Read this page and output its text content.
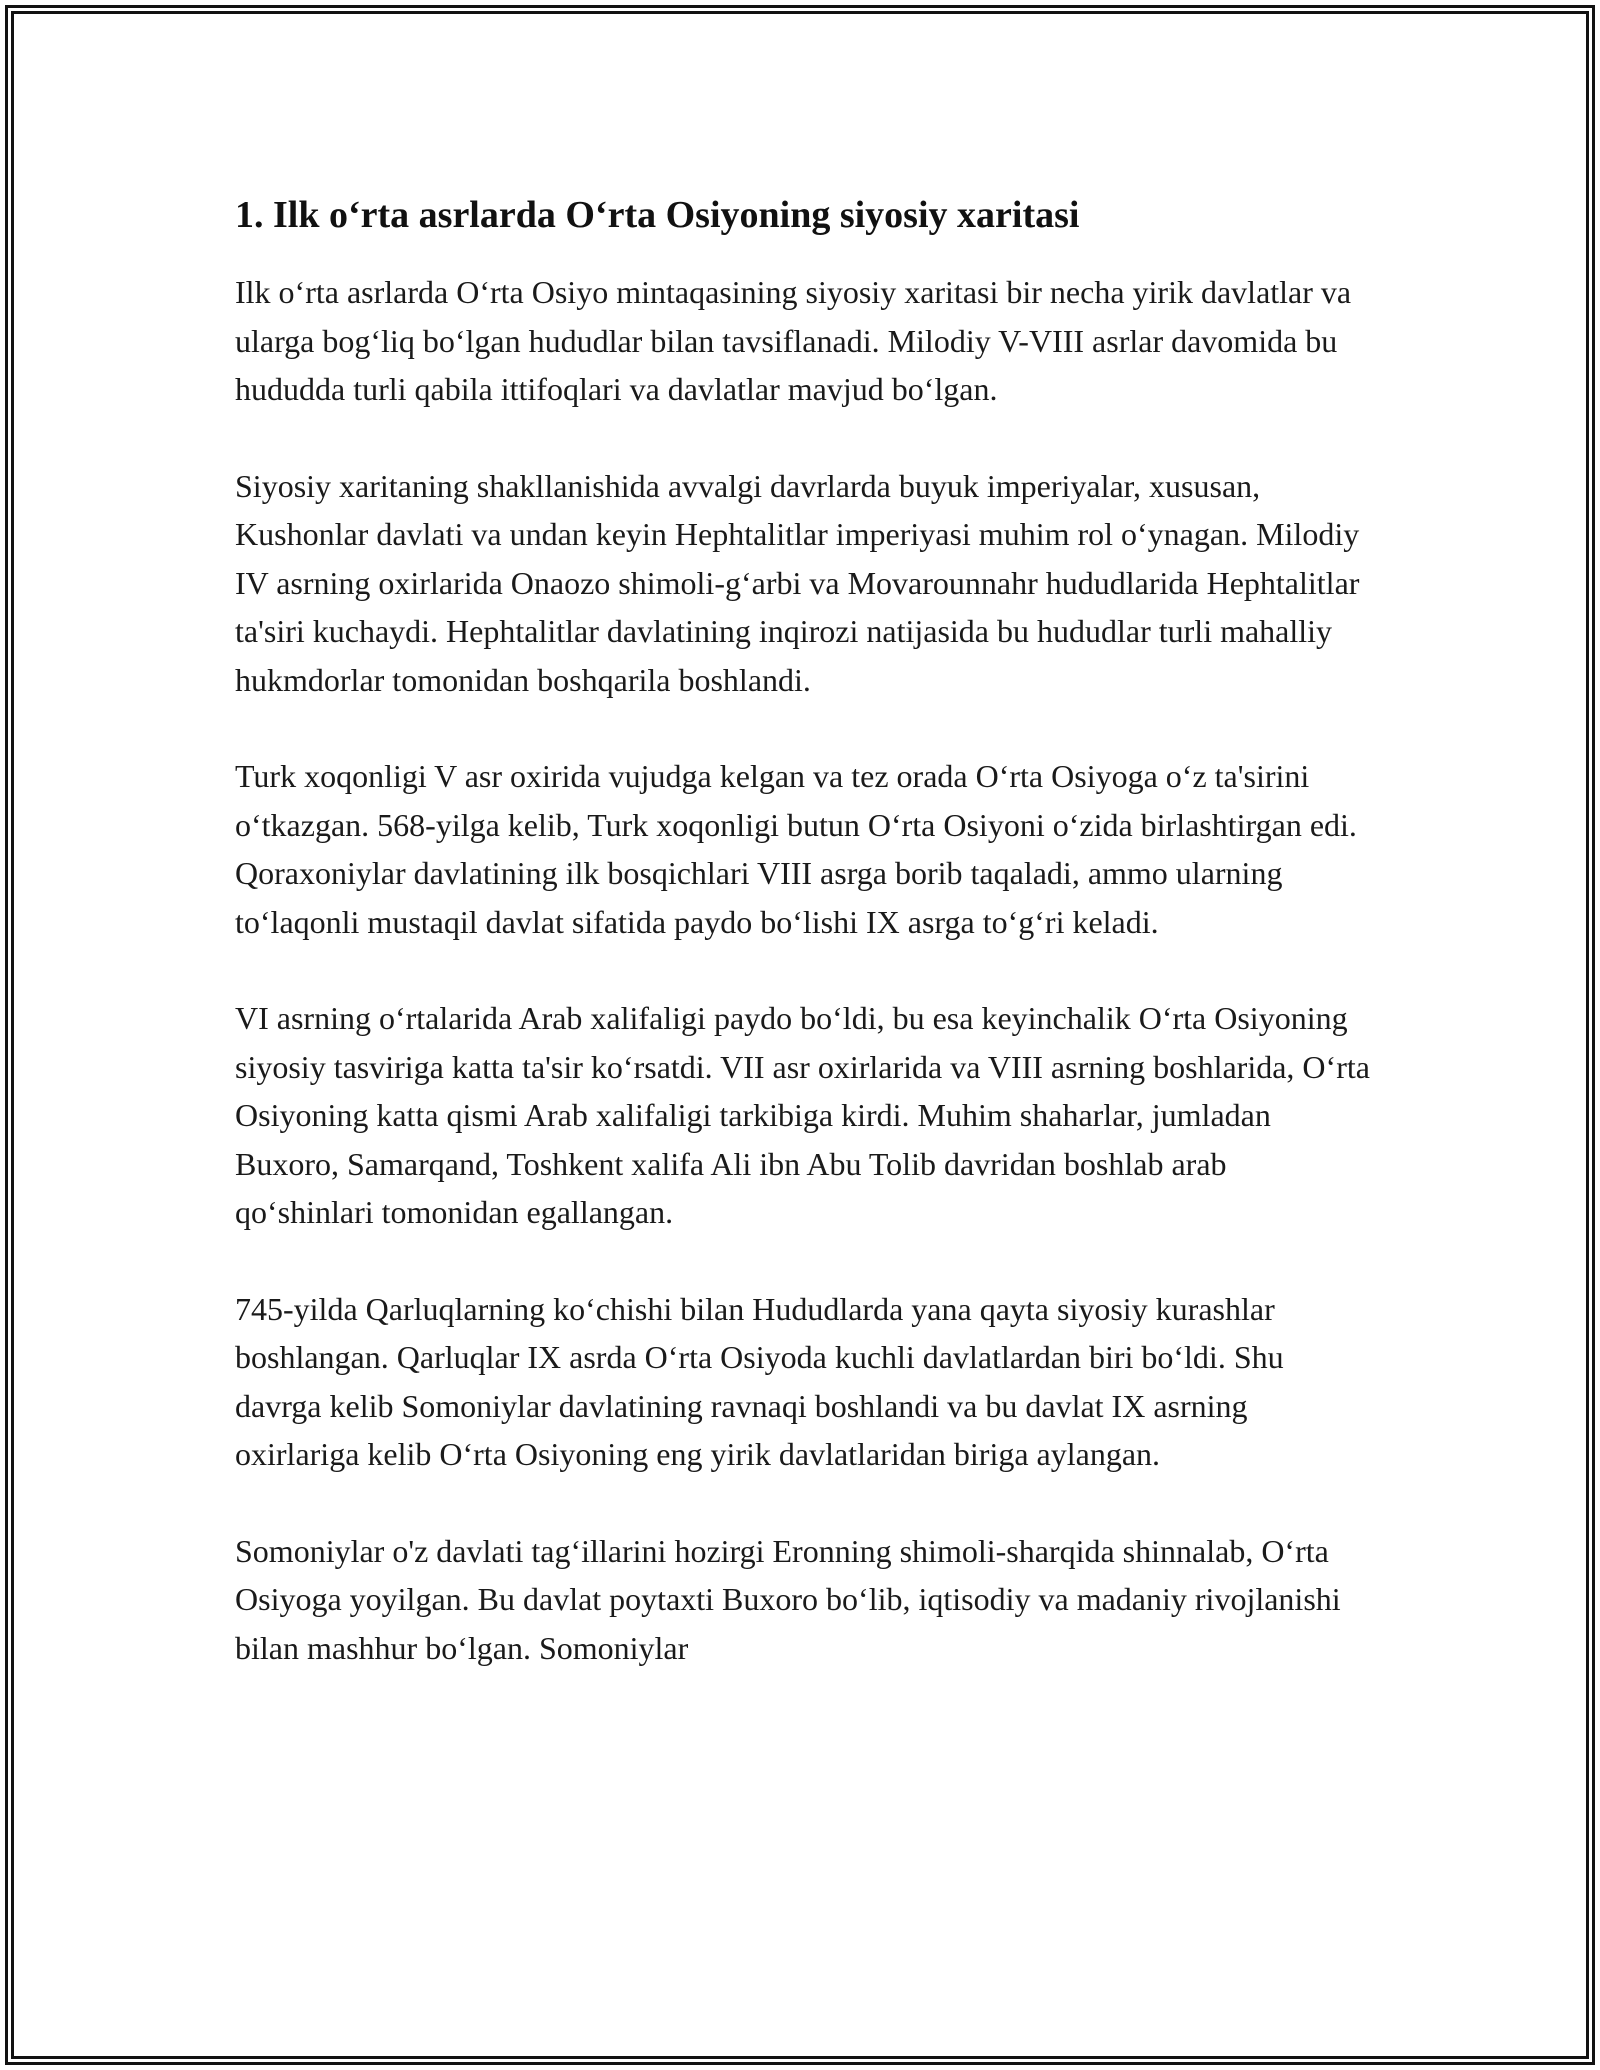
1. Ilk oʻrta asrlarda Oʻrta Osiyoning siyosiy xaritasi

Ilk oʻrta asrlarda Oʻrta Osiyo mintaqasining siyosiy xaritasi bir necha yirik davlatlar va ularga bogʻliq boʻlgan hududlar bilan tavsiflanadi. Milodiy V-VIII asrlar davomida bu hududda turli qabila ittifoqlari va davlatlar mavjud boʻlgan.

Siyosiy xaritaning shakllanishida avvalgi davrlarda buyuk imperiyalar, xususan, Kushonlar davlati va undan keyin Hephtalitlar imperiyasi muhim rol oʻynagan. Milodiy IV asrning oxirlarida Onaozo shimoli-gʻarbi va Movarounnahr hududlarida Hephtalitlar ta'siri kuchaydi. Hephtalitlar davlatining inqirozi natijasida bu hududlar turli mahalliy hukmdorlar tomonidan boshqarila boshlandi.

Turk xoqonligi V asr oxirida vujudga kelgan va tez orada Oʻrta Osiyoga oʻz ta'sirini oʻtkazgan. 568-yilga kelib, Turk xoqonligi butun Oʻrta Osiyoni oʻzida birlashtirgan edi. Qoraxoniylar davlatining ilk bosqichlari VIII asrga borib taqaladi, ammo ularning toʻlaqonli mustaqil davlat sifatida paydo boʻlishi IX asrga toʻgʻri keladi.

VI asrning oʻrtalarida Arab xalifaligi paydo boʻldi, bu esa keyinchalik Oʻrta Osiyoning siyosiy tasviriga katta ta'sir koʻrsatdi. VII asr oxirlarida va VIII asrning boshlarida, Oʻrta Osiyoning katta qismi Arab xalifaligi tarkibiga kirdi. Muhim shaharlar, jumladan Buxoro, Samarqand, Toshkent xalifa Ali ibn Abu Tolib davridan boshlab arab qoʻshinlari tomonidan egallangan.

745-yilda Qarluqlarning koʻchishi bilan Hududlarda yana qayta siyosiy kurashlar boshlangan. Qarluqlar IX asrda Oʻrta Osiyoda kuchli davlatlardan biri boʻldi. Shu davrga kelib Somoniylar davlatining ravnaqi boshlandi va bu davlat IX asrning oxirlariga kelib Oʻrta Osiyoning eng yirik davlatlaridan biriga aylangan.

Somoniylar o'z davlati tagʻillarini hozirgi Eronning shimoli-sharqida shinnalab, Oʻrta Osiyoga yoyilgan. Bu davlat poytaxti Buxoro boʻlib, iqtisodiy va madaniy rivojlanishi bilan mashhur boʻlgan. Somoniylar
